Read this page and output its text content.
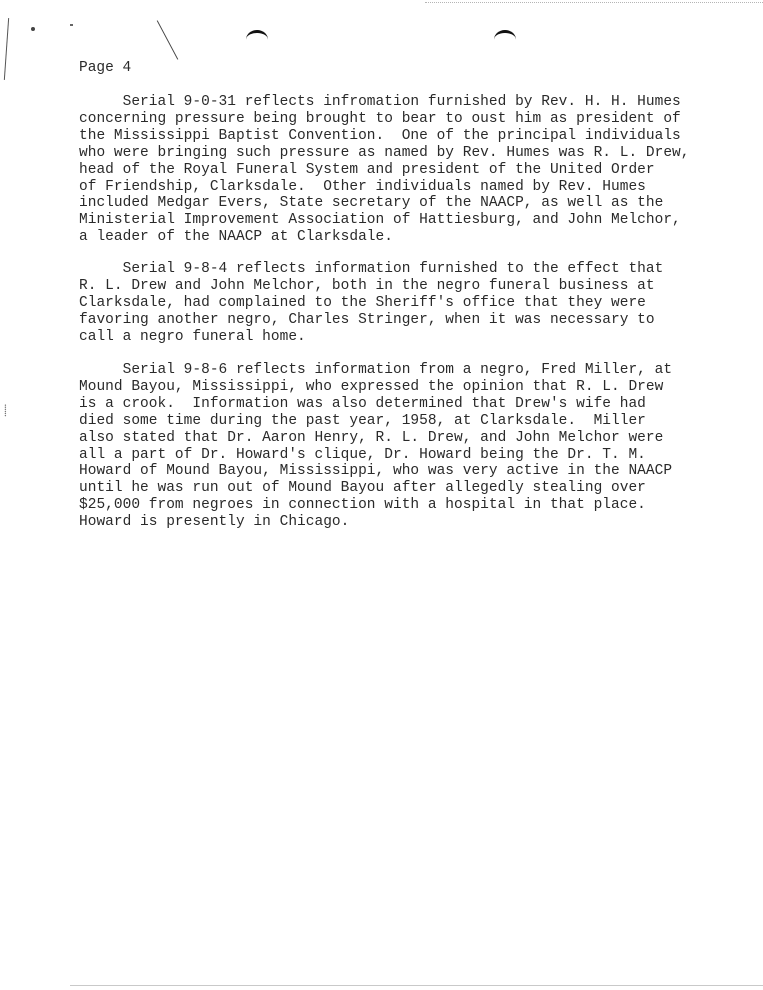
⸽
Page 4

Serial 9-0-31 reflects infromation furnished by Rev. H. H. Humes
concerning pressure being brought to bear to oust him as president of
the Mississippi Baptist Convention.  One of the principal individuals
who were bringing such pressure as named by Rev. Humes was R. L. Drew,
head of the Royal Funeral System and president of the United Order
of Friendship, Clarksdale.  Other individuals named by Rev. Humes
included Medgar Evers, State secretary of the NAACP, as well as the
Ministerial Improvement Association of Hattiesburg, and John Melchor,
a leader of the NAACP at Clarksdale.

Serial 9-8-4 reflects information furnished to the effect that
R. L. Drew and John Melchor, both in the negro funeral business at
Clarksdale, had complained to the Sheriff's office that they were
favoring another negro, Charles Stringer, when it was necessary to
call a negro funeral home.

Serial 9-8-6 reflects information from a negro, Fred Miller, at
Mound Bayou, Mississippi, who expressed the opinion that R. L. Drew
is a crook.  Information was also determined that Drew's wife had
died some time during the past year, 1958, at Clarksdale.  Miller
also stated that Dr. Aaron Henry, R. L. Drew, and John Melchor were
all a part of Dr. Howard's clique, Dr. Howard being the Dr. T. M.
Howard of Mound Bayou, Mississippi, who was very active in the NAACP
until he was run out of Mound Bayou after allegedly stealing over
$25,000 from negroes in connection with a hospital in that place.
Howard is presently in Chicago.
